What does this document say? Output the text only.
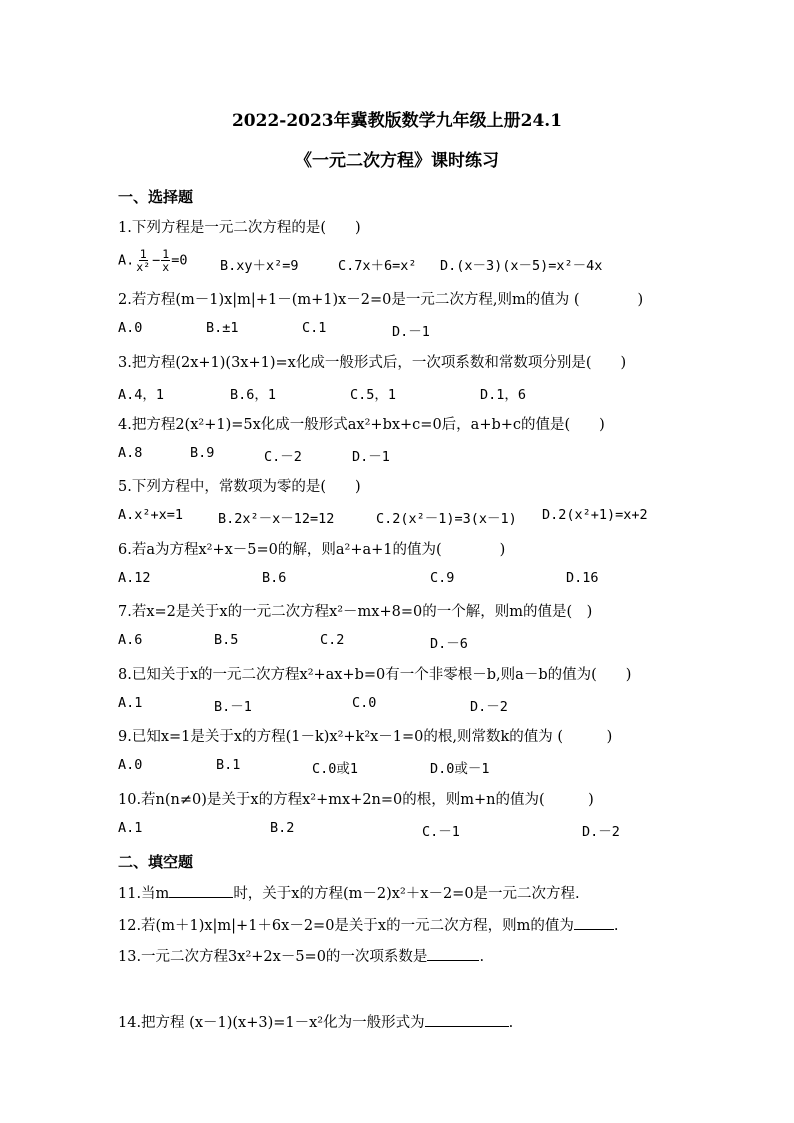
2022-2023年冀教版数学九年级上册24.1
《一元二次方程》课时练习
一、选择题
1.下列方程是一元二次方程的是(　　)
A. $\frac{1}{\text{x²}} - \frac{1}{x} =0$ B.xy＋x²=9	C.7x＋6=x² D.(x－3)(x－5)=x²－4x
2.若方程(m－1)x|m|+1－(m+1)x－2=0是一元二次方程,则m的值为 (　　　　)
A.0	B.±1	C.1	D.－1
3.把方程(2x+1)(3x+1)=x化成一般形式后，一次项系数和常数项分别是(　　)
A.4，1	B.6，1	C.5，1	D.1，6
4.把方程2(x²+1)=5x化成一般形式ax²+bx+c=0后，a+b+c的值是(　　)
A.8	B.9	C.－2	D.－1
5.下列方程中，常数项为零的是(　　)
A.x²+x=1	B.2x²－x－12=12	C.2(x²－1)=3(x－1) D.2(x²+1)=x+2
6.若a为方程x²+x－5=0的解，则a²+a+1的值为(　　　　)
A.12	B.6	C.9	D.16
7.若x=2是关于x的一元二次方程x²－mx+8=0的一个解，则m的值是(　)
A.6	B.5	C.2	D.－6
8.已知关于x的一元二次方程x²+ax+b=0有一个非零根－b,则a－b的值为(　　)
A.1	B.－1	C.0	D.－2
9.已知x=1是关于x的方程(1－k)x²+k²x－1=0的根,则常数k的值为 (　　　)
A.0	B.1	C.0或1	D.0或－1
10.若n(n≠0)是关于x的方程x²+mx+2n=0的根，则m+n的值为(　　　)
A.1	B.2	C.－1	D.－2
二、填空题
11.当m	时，关于x的方程(m－2)x²＋x－2=0是一元二次方程.
12.若(m＋1)x|m|+1＋6x－2=0是关于x的一元二次方程，则m的值为	.
13.一元二次方程3x²+2x－5=0的一次项系数是	.
14.把方程 (x－1)(x+3)=1－x²化为一般形式为	.
